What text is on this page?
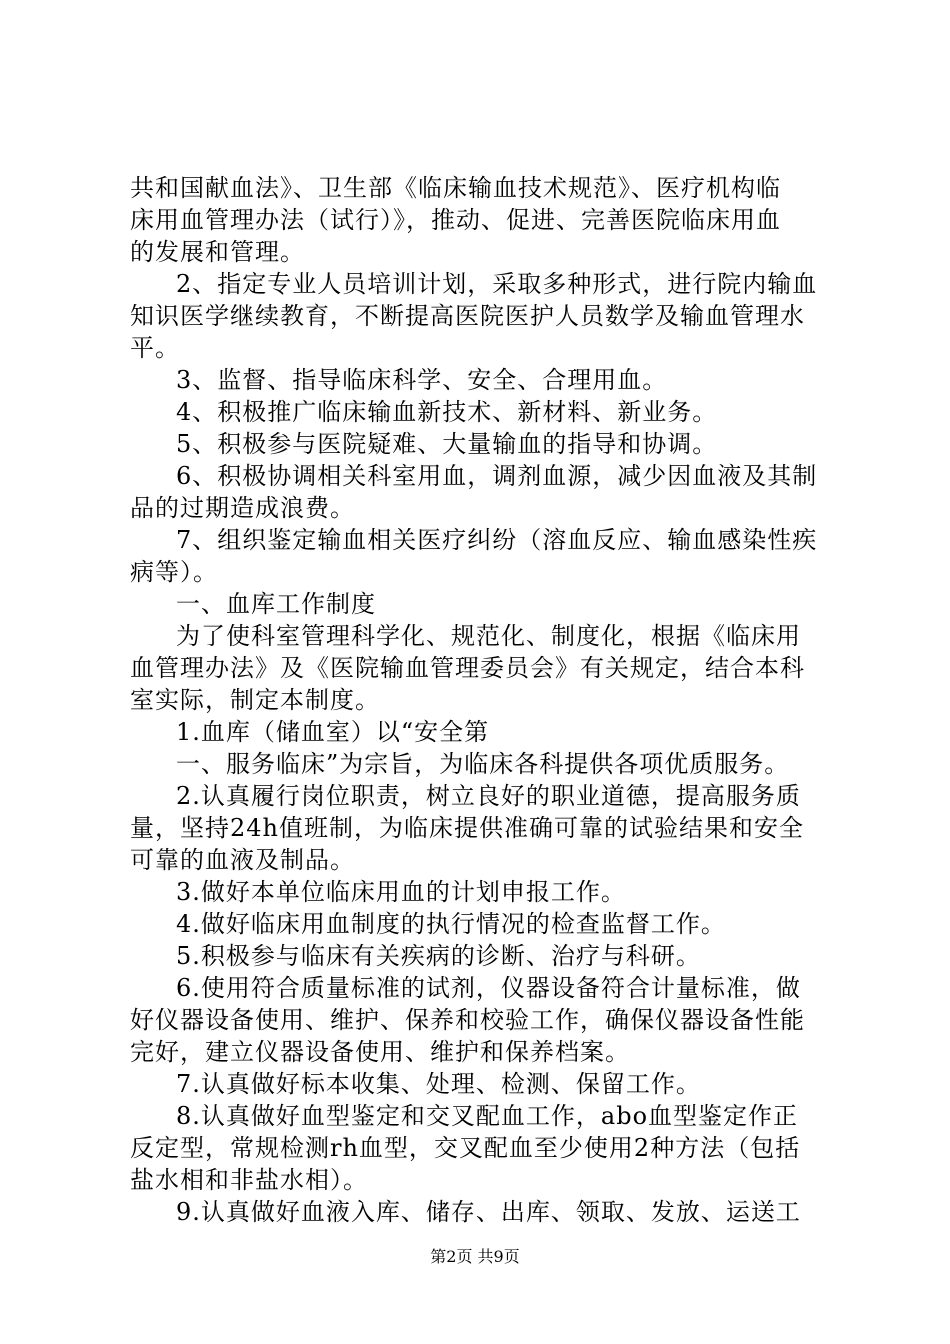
共和国献血法》、卫生部《临床输血技术规范》、医疗机构临
床用血管理办法（试行）》，推动、促进、完善医院临床用血
的发展和管理。
2、指定专业人员培训计划，采取多种形式，进行院内输血
知识医学继续教育，不断提高医院医护人员数学及输血管理水
平。
3、监督、指导临床科学、安全、合理用血。
4、积极推广临床输血新技术、新材料、新业务。
5、积极参与医院疑难、大量输血的指导和协调。
6、积极协调相关科室用血，调剂血源，减少因血液及其制
品的过期造成浪费。
7、组织鉴定输血相关医疗纠纷（溶血反应、输血感染性疾
病等）。
一、血库工作制度
为了使科室管理科学化、规范化、制度化，根据《临床用
血管理办法》及《医院输血管理委员会》有关规定，结合本科
室实际，制定本制度。
1.血库（储血室）以“安全第
一、服务临床”为宗旨，为临床各科提供各项优质服务。
2.认真履行岗位职责，树立良好的职业道德，提高服务质
量，坚持24h值班制，为临床提供准确可靠的试验结果和安全
可靠的血液及制品。
3.做好本单位临床用血的计划申报工作。
4.做好临床用血制度的执行情况的检查监督工作。
5.积极参与临床有关疾病的诊断、治疗与科研。
6.使用符合质量标准的试剂，仪器设备符合计量标准，做
好仪器设备使用、维护、保养和校验工作，确保仪器设备性能
完好，建立仪器设备使用、维护和保养档案。
7.认真做好标本收集、处理、检测、保留工作。
8.认真做好血型鉴定和交叉配血工作，abo血型鉴定作正
反定型，常规检测rh血型，交叉配血至少使用2种方法（包括
盐水相和非盐水相）。
9.认真做好血液入库、储存、出库、领取、发放、运送工
第2页 共9页
